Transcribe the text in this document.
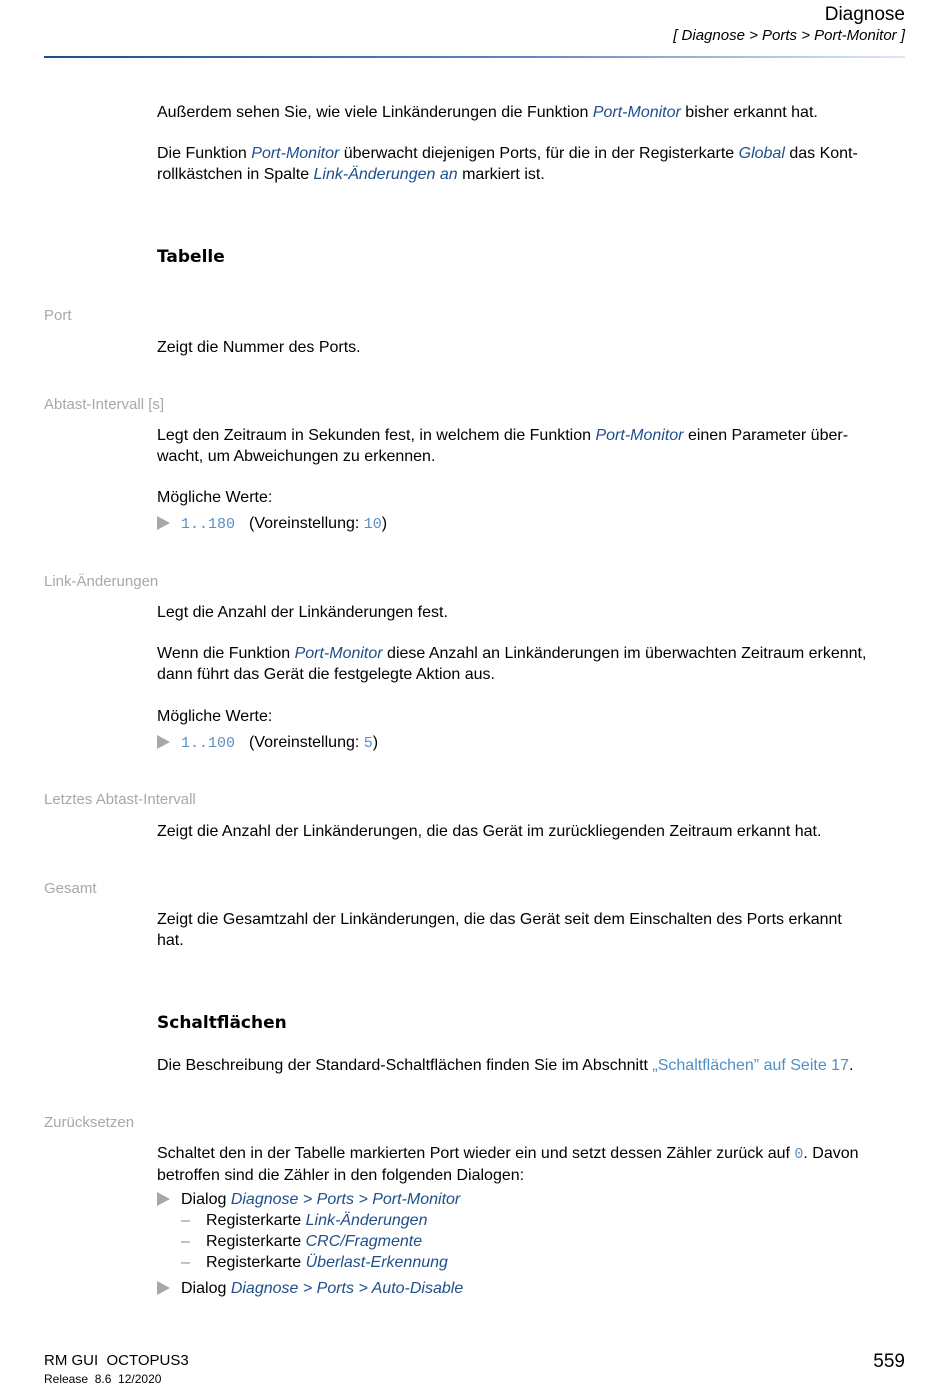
Diagnose
[ Diagnose > Ports > Port-Monitor ]
Außerdem sehen Sie, wie viele Linkänderungen die Funktion Port-Monitor bisher erkannt hat.
Die Funktion Port-Monitor überwacht diejenigen Ports, für die in der Registerkarte Global das Kont-
rollkästchen in Spalte Link-Änderungen an markiert ist.
Tabelle
Port
Zeigt die Nummer des Ports.
Abtast-Intervall [s]
Legt den Zeitraum in Sekunden fest, in welchem die Funktion Port-Monitor einen Parameter über-
wacht, um Abweichungen zu erkennen.
Mögliche Werte:
1..180 (Voreinstellung: 10)
Link-Änderungen
Legt die Anzahl der Linkänderungen fest.
Wenn die Funktion Port-Monitor diese Anzahl an Linkänderungen im überwachten Zeitraum erkennt,
dann führt das Gerät die festgelegte Aktion aus.
Mögliche Werte:
1..100 (Voreinstellung: 5)
Letztes Abtast-Intervall
Zeigt die Anzahl der Linkänderungen, die das Gerät im zurückliegenden Zeitraum erkannt hat.
Gesamt
Zeigt die Gesamtzahl der Linkänderungen, die das Gerät seit dem Einschalten des Ports erkannt
hat.
Schaltflächen
Die Beschreibung der Standard-Schaltflächen finden Sie im Abschnitt „Schaltflächen” auf Seite 17.
Zurücksetzen
Schaltet den in der Tabelle markierten Port wieder ein und setzt dessen Zähler zurück auf 0. Davon
betroffen sind die Zähler in den folgenden Dialogen:
Dialog Diagnose > Ports > Port-Monitor
– Registerkarte Link-Änderungen
– Registerkarte CRC/Fragmente
– Registerkarte Überlast-Erkennung
Dialog Diagnose > Ports > Auto-Disable
RM GUI  OCTOPUS3
Release  8.6  12/2020
559
